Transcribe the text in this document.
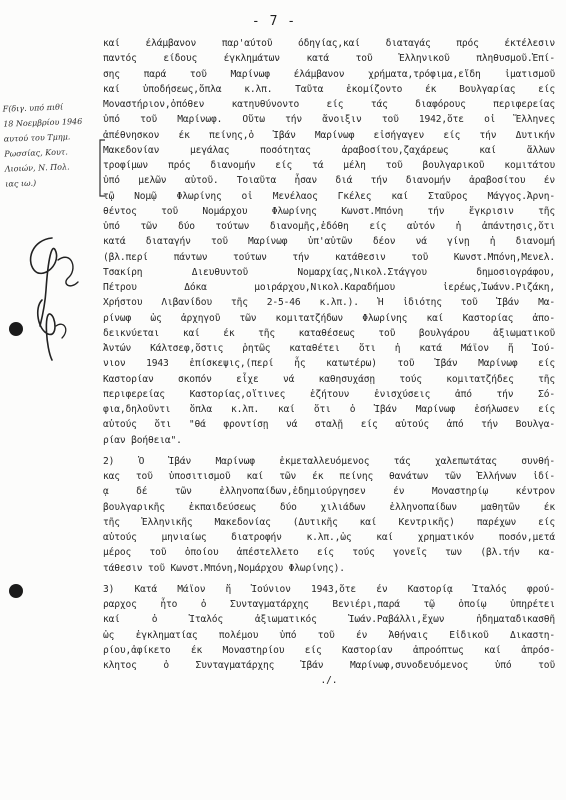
- 7 -
F(διγ. υπό πιθί
18 Νοεμβρίου 1946
αυτού του Τμημ.
Ρωσσίας, Κουτ.
Λιοιών, Ν. Πολ.
ιας ιω.)
καί έλάμβανον παρ'αύτοῦ όδηγίας,καί διαταγάς πρός έκτέλεσιν
παντός είδους έγκλημάτων κατά τοῦ Ἑλληνικοῦ πληθυσμοῦ.Ἐπί-
σης παρά τοῦ Μαρίνωφ έλάμβανον χρήματα,τρόφιμα,εἴδη ἱματισμοῦ
καί ὑποδήσεως,ὅπλα κ.λπ. Ταῦτα ἐκομίζοντο έκ Βουλγαρίας είς
Μοναστήριον,ὁπόθεν κατηυθύνοντο είς τάς διαφόρους περιφερείας
ὑπό τοῦ Μαρίνωφ. Οὕτω τήν ἄνοιξιν τοῦ 1942,ὅτε οἱ Ἕλληνες
ἀπέθνησκον έκ πείνης,ὁ Ἰβάν Μαρίνωφ εἰσήγαγεν είς τήν Δυτικήν
Μακεδονίαν μεγάλας ποσότητας ἀραβοσίτου,ζαχάρεως καί ἄλλων
τροφίμων πρός διανομήν είς τά μέλη τοῦ βουλγαρικοῦ κομιτάτου
ὑπό μελῶν αὐτοῦ. Τοιαῦτα ἦσαν διά τήν διανομήν ἀραβοσίτου έν
τῷ Νομῷ Φλωρίνης οἱ Μενέλαος Γκέλες καί Σταῦρος Μάγγος.Ἀρνη-
θέντος τοῦ Νομάρχου Φλωρίνης Κωνστ.Μπόνη τήν ἔγκρισιν τῆς
ὑπό τῶν δύο τούτων διανομῆς,ἐδόθη είς αὐτόν ἡ ἀπάντησις,ὅτι
κατά διαταγήν τοῦ Μαρίνωφ ὑπ'αὐτῶν δέον νά γίνῃ ἡ διανομή
(βλ.περί πάντων τούτων τήν κατάθεσιν τοῦ Κωνστ.Μπόνη,Μενελ.
Τσακίρη Διευθυντοῦ Νομαρχίας,Νικολ.Στάγγου δημοσιογράφου,
Πέτρου Δόκα μοιράρχου,Νικολ.Καραδήμου ἱερέως,Ἰωάνν.Ριζάκη,
Χρήστου Λιβανίδου τῆς 2-5-46 κ.λπ.). Ἡ ἰδιότης τοῦ Ἰβάν Μα-
ρίνωφ ὡς ἀρχηγοῦ τῶν κομιτατζήδων Φλωρίνης καί Καστορίας ἀπο-
δεικνύεται καί έκ τῆς καταθέσεως τοῦ βουλγάρου ἀξιωματικοῦ
Ἀντών Κάλτσεφ,ὅστις ῥητῶς καταθέτει ὅτι ἡ κατά Μάϊον ἤ Ἰού-
νιον 1943 ἐπίσκεψις,(περί ἧς κατωτέρω) τοῦ Ἰβάν Μαρίνωφ είς
Καστορίαν σκοπόν εἶχε νά καθησυχάσῃ τούς κομιτατζήδες τῆς
περιφερείας Καστορίας,οἵτινες ἐζήτουν ἐνισχύσεις ἀπό τήν Σό-
φια,δηλοῦντι ὅπλα κ.λπ. καί ὅτι ὁ Ἰβάν Μαρίνωφ ἐσήλωσεν είς
αὐτούς ὅτι "θά φροντίσῃ νά σταλῇ είς αὐτούς ἀπό τήν Βουλγα-
ρίαν βοήθεια".
2) Ὁ Ἰβάν Μαρίνωφ ἐκμεταλλευόμενος τάς χαλεπωτάτας συνθή-
κας τοῦ ὑποσιτισμοῦ καί τῶν έκ πείνης θανάτων τῶν Ἑλλήνων ἰδί-
ᾳ δέ τῶν ἑλληνοπαίδων,ἐδημιούργησεν έν Μοναστηρίῳ κέντρον
βουλγαρικῆς ἐκπαιδεύσεως δύο χιλιάδων ἑλληνοπαίδων μαθητῶν έκ
τῆς Ἑλληνικῆς Μακεδονίας (Δυτικῆς καί Κεντρικῆς) παρέχων είς
αὐτούς μηνιαίως διατροφήν κ.λπ.,ὡς καί χρηματικόν ποσόν,μετά
μέρος τοῦ ὁποίου ἀπέστελλετο είς τούς γονεῖς των (βλ.τήν κα-
τάθεσιν τοῦ Κωνστ.Μπόνη,Νομάρχου Φλωρίνης).
3) Κατά Μάϊον ἤ Ἰούνιον 1943,ὅτε έν Καστορίᾳ Ἰταλός φρού-
ραρχος ἦτο ὁ Συνταγματάρχης Βενιέρι,παρά τῷ ὁποίῳ ὑπηρέτει
καί ὁ Ἰταλός ἀξιωματικός Ἰωάν.Ραβάλλι,ἔχων ἠδηματαδικασθῆ
ὡς ἐγκληματίας πολέμου ὑπό τοῦ έν Ἀθήναις Εἰδικοῦ Δικαστη-
ρίου,ἀφίκετο έκ Μοναστηρίου είς Καστορίαν ἀπροόπτως καί ἀπρόσ-
κλητος ὁ Συνταγματάρχης Ἰβάν Μαρίνωφ,συνοδευόμενος ὑπό τοῦ
./.
